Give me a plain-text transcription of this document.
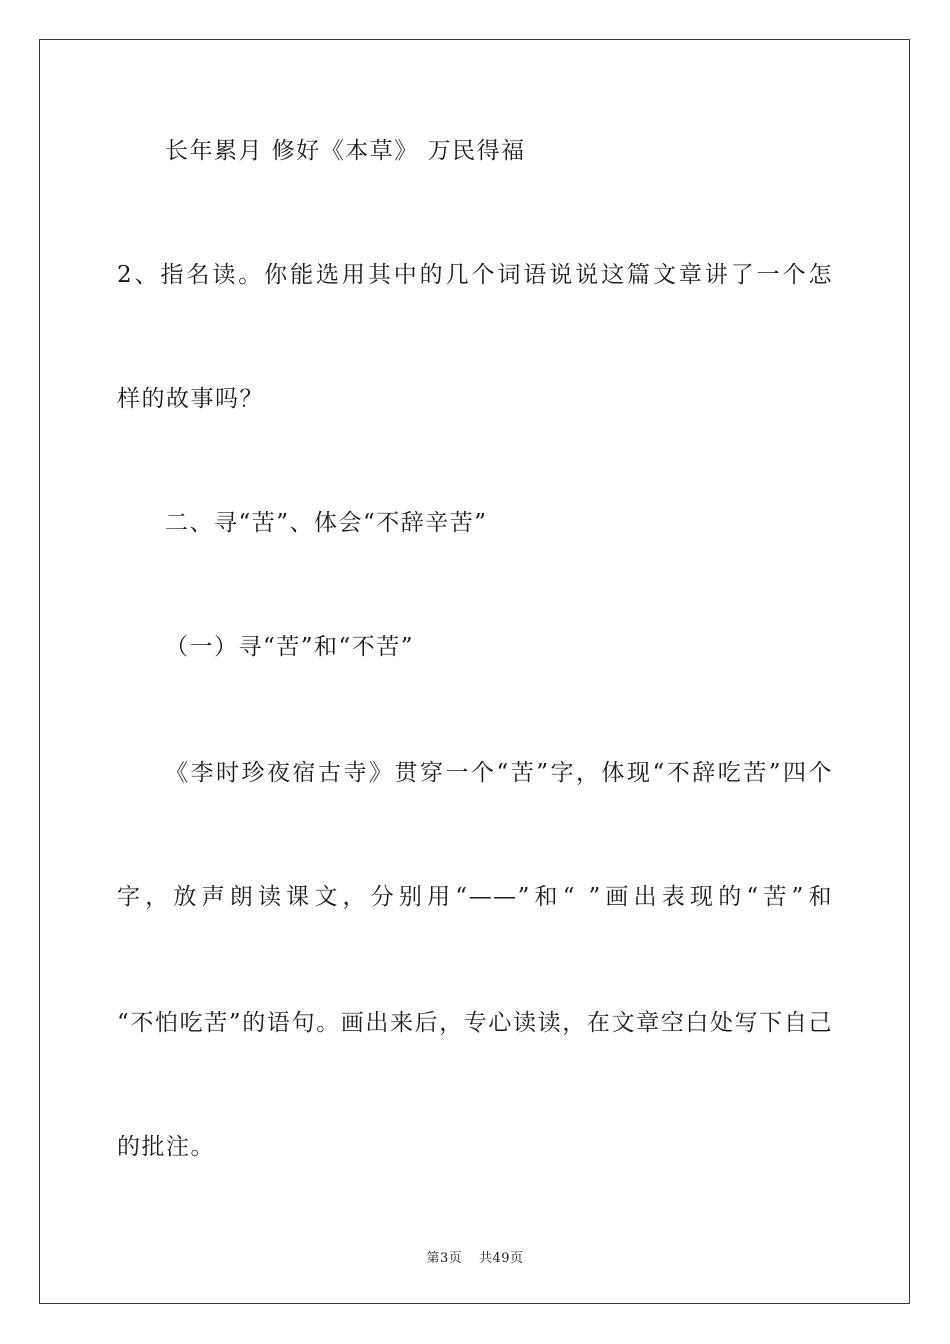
长年累月 修好《本草》 万民得福
2、指名读。你能选用其中的几个词语说说这篇文章讲了一个怎
样的故事吗？
二、寻“苦”、体会“不辞辛苦”
（一）寻“苦”和“不苦”
《李时珍夜宿古寺》贯穿一个“苦”字，体现“不辞吃苦”四个
字，放声朗读课文，分别用“——”和“ ”画出表现的“苦”和
“不怕吃苦”的语句。画出来后，专心读读，在文章空白处写下自己
的批注。
第3页 共49页
